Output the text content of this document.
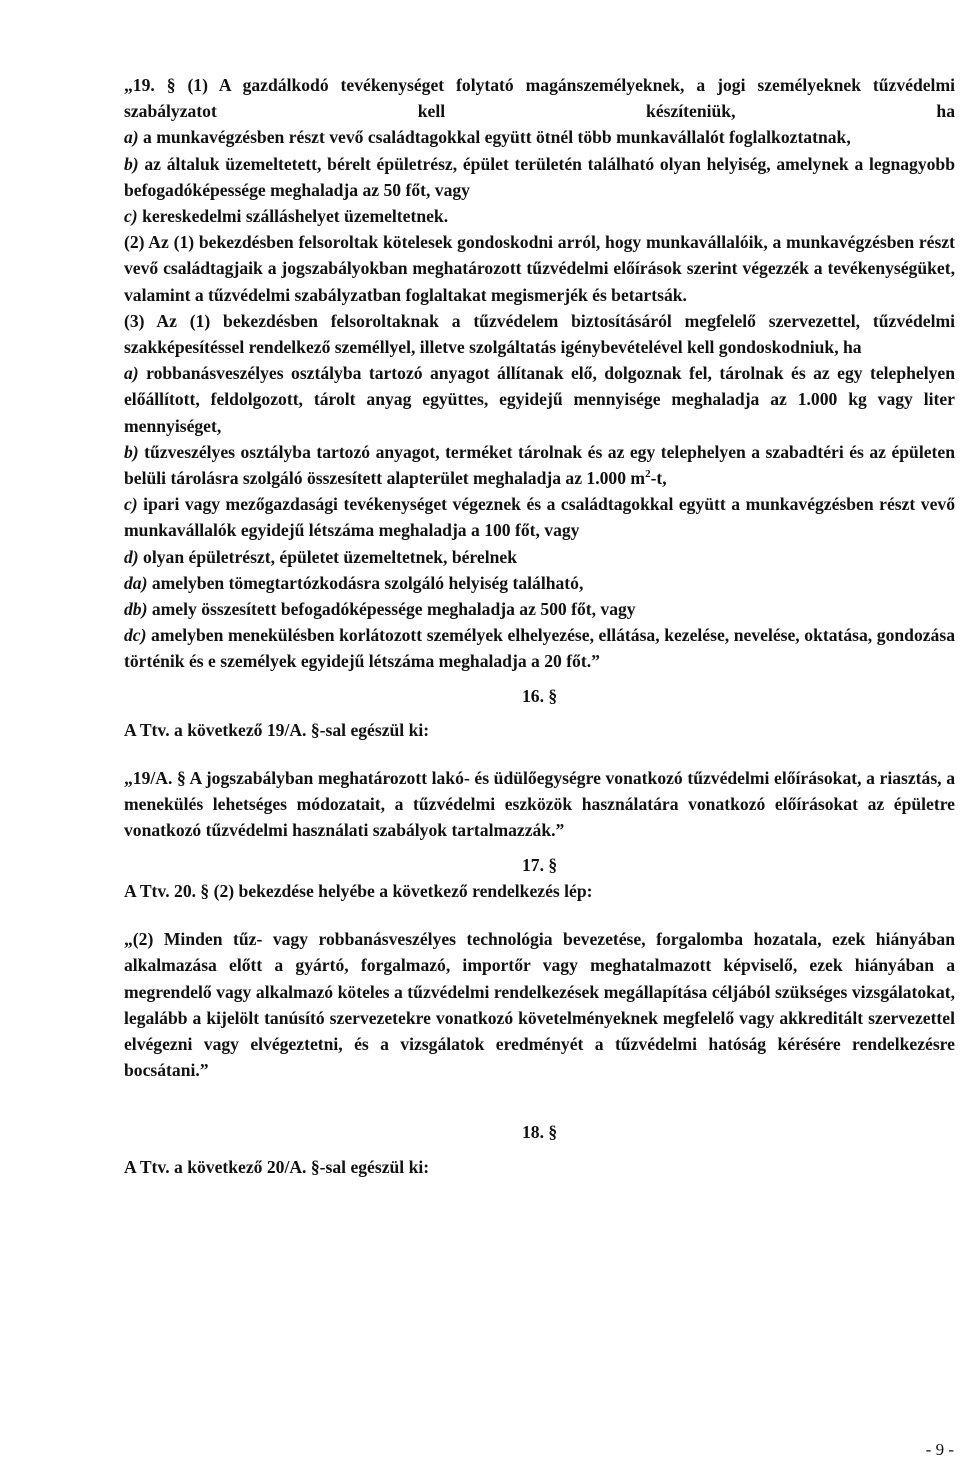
„19. § (1) A gazdálkodó tevékenységet folytató magánszemélyeknek, a jogi személyeknek tűzvédelmi szabályzatot kell készíteniük, ha

a) a munkavégzésben részt vevő családtagokkal együtt ötnél több munkavállalót foglalkoztatnak,

b) az általuk üzemeltetett, bérelt épületrész, épület területén található olyan helyiség, amelynek a legnagyobb befogadóképessége meghaladja az 50 főt, vagy

c) kereskedelmi szálláshelyet üzemeltetnek.

(2) Az (1) bekezdésben felsoroltak kötelesek gondoskodni arról, hogy munkavállalóik, a munkavégzésben részt vevő családtagjaik a jogszabályokban meghatározott tűzvédelmi előírások szerint végezzék a tevékenységüket, valamint a tűzvédelmi szabályzatban foglaltakat megismerjék és betartsák.

(3) Az (1) bekezdésben felsoroltaknak a tűzvédelem biztosításáról megfelelő szervezettel, tűzvédelmi szakképesítéssel rendelkező személlyel, illetve szolgáltatás igénybevételével kell gondoskodniuk, ha

a) robbanásveszélyes osztályba tartozó anyagot állítanak elő, dolgoznak fel, tárolnak és az egy telephelyen előállított, feldolgozott, tárolt anyag együttes, egyidejű mennyisége meghaladja az 1.000 kg vagy liter mennyiséget,

b) tűzveszélyes osztályba tartozó anyagot, terméket tárolnak és az egy telephelyen a szabadtéri és az épületen belüli tárolásra szolgáló összesített alapterület meghaladja az 1.000 $m^2-t$,

c) ipari vagy mezőgazdasági tevékenységet végeznek és a családtagokkal együtt a munkavégzésben részt vevő munkavállalók egyidejű létszáma meghaladja a 100 főt, vagy

d) olyan épületrészt, épületet üzemeltetnek, bérelnek

da) amelyben tömegtartózkodásra szolgáló helyiség található,

db) amely összesített befogadóképessége meghaladja az 500 főt, vagy

dc) amelyben menekülésben korlátozott személyek elhelyezése, ellátása, kezelése, nevelése, oktatása, gondozása történik és e személyek egyidejű létszáma meghaladja a 20 főt.”

16. §

A Ttv. a következő 19/A. §-sal egészül ki:

„19/A. § A jogszabályban meghatározott lakó- és üdülőegységre vonatkozó tűzvédelmi előírásokat, a riasztás, a menekülés lehetséges módozatait, a tűzvédelmi eszközök használatára vonatkozó előírásokat az épületre vonatkozó tűzvédelmi használati szabályok tartalmazzák.”

17. §

A Ttv. 20. § (2) bekezdése helyébe a következő rendelkezés lép:

„(2) Minden tűz- vagy robbanásveszélyes technológia bevezetése, forgalomba hozatala, ezek hiányában alkalmazása előtt a gyártó, forgalmazó, importőr vagy meghatalmazott képviselő, ezek hiányában a megrendelő vagy alkalmazó köteles a tűzvédelmi rendelkezések megállapítása céljából szükséges vizsgálatokat, legalább a kijelölt tanúsító szervezetekre vonatkozó követelményeknek megfelelő vagy akkreditált szervezettel elvégezni vagy elvégeztetni, és a vizsgálatok eredményét a tűzvédelmi hatóság kérésére rendelkezésre bocsátani.”

18. §

A Ttv. a következő 20/A. §-sal egészül ki:

- 9 -
